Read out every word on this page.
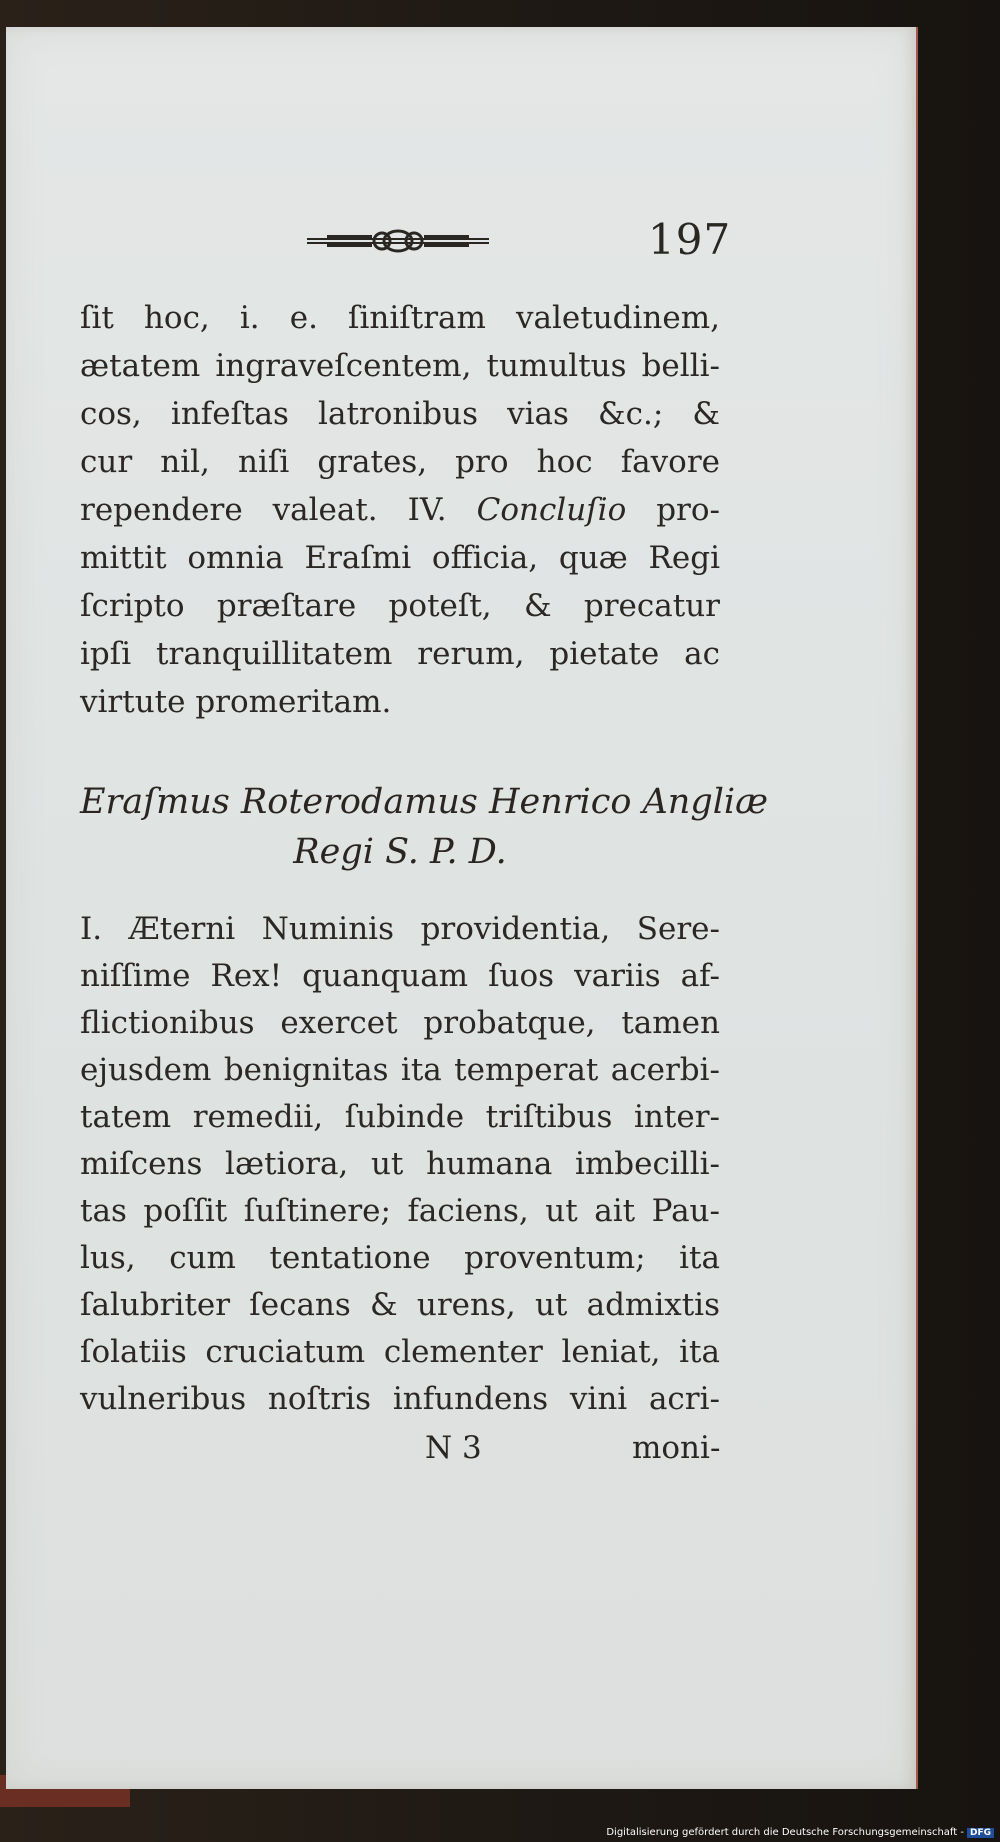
197
ſit hoc, i. e. ſiniſtram valetudinem,
ætatem ingraveſcentem, tumultus belli-
cos, infeſtas latronibus vias &c.; &
cur nil, niſi grates, pro hoc favore
rependere valeat. IV. Concluſio pro-
mittit omnia Eraſmi officia, quæ Regi
ſcripto præſtare poteſt, & precatur
ipſi tranquillitatem rerum, pietate ac
virtute promeritam.
Eraſmus Roterodamus Henrico Angliæ
Regi S. P. D.
I. Æterni Numinis providentia, Sere-
niſſime Rex! quanquam ſuos variis af-
flictionibus exercet probatque, tamen
ejusdem benignitas ita temperat acerbi-
tatem remedii, ſubinde triſtibus inter-
miſcens lætiora, ut humana imbecilli-
tas poſſit ſuſtinere; faciens, ut ait Pau-
lus, cum tentatione proventum; ita
ſalubriter ſecans & urens, ut admixtis
ſolatiis cruciatum clementer leniat, ita
vulneribus noſtris infundens vini acri-
N 3	moni-
Digitalisierung gefördert durch die Deutsche Forschungsgemeinschaft - DFG
